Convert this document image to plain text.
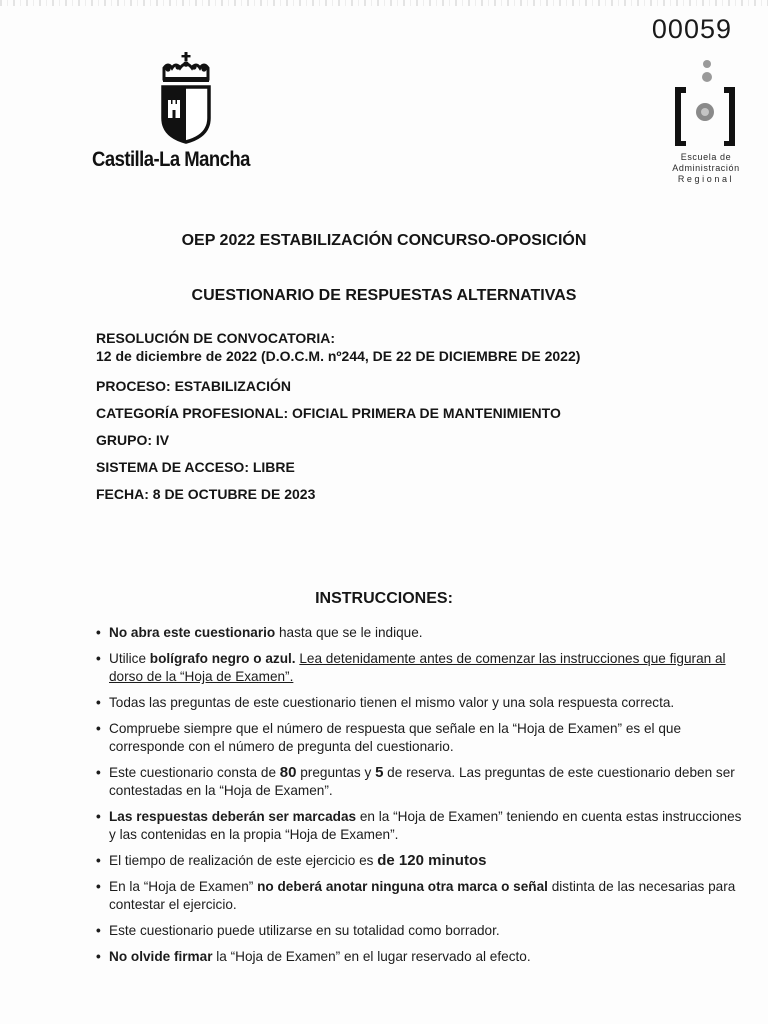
00059
Castilla-La Mancha	Escuela de
Administración
Regional
OEP 2022 ESTABILIZACIÓN CONCURSO-OPOSICIÓN
CUESTIONARIO DE RESPUESTAS ALTERNATIVAS
RESOLUCIÓN DE CONVOCATORIA:
12 de diciembre de 2022 (D.O.C.M. nº244, DE 22 DE DICIEMBRE DE 2022)
PROCESO: ESTABILIZACIÓN
CATEGORÍA PROFESIONAL: OFICIAL PRIMERA DE MANTENIMIENTO
GRUPO: IV
SISTEMA DE ACCESO: LIBRE
FECHA: 8 DE OCTUBRE DE 2023
INSTRUCCIONES:
• No abra este cuestionario hasta que se le indique.
• Utilice bolígrafo negro o azul. Lea detenidamente antes de comenzar las instrucciones que figuran al dorso de la “Hoja de Examen”.
• Todas las preguntas de este cuestionario tienen el mismo valor y una sola respuesta correcta.
• Compruebe siempre que el número de respuesta que señale en la “Hoja de Examen” es el que corresponde con el número de pregunta del cuestionario.
• Este cuestionario consta de 80 preguntas y 5 de reserva. Las preguntas de este cuestionario deben ser contestadas en la “Hoja de Examen”.
• Las respuestas deberán ser marcadas en la “Hoja de Examen” teniendo en cuenta estas instrucciones y las contenidas en la propia “Hoja de Examen”.
• El tiempo de realización de este ejercicio es de 120 minutos
• En la “Hoja de Examen” no deberá anotar ninguna otra marca o señal distinta de las necesarias para contestar el ejercicio.
• Este cuestionario puede utilizarse en su totalidad como borrador.
• No olvide firmar la “Hoja de Examen” en el lugar reservado al efecto.
